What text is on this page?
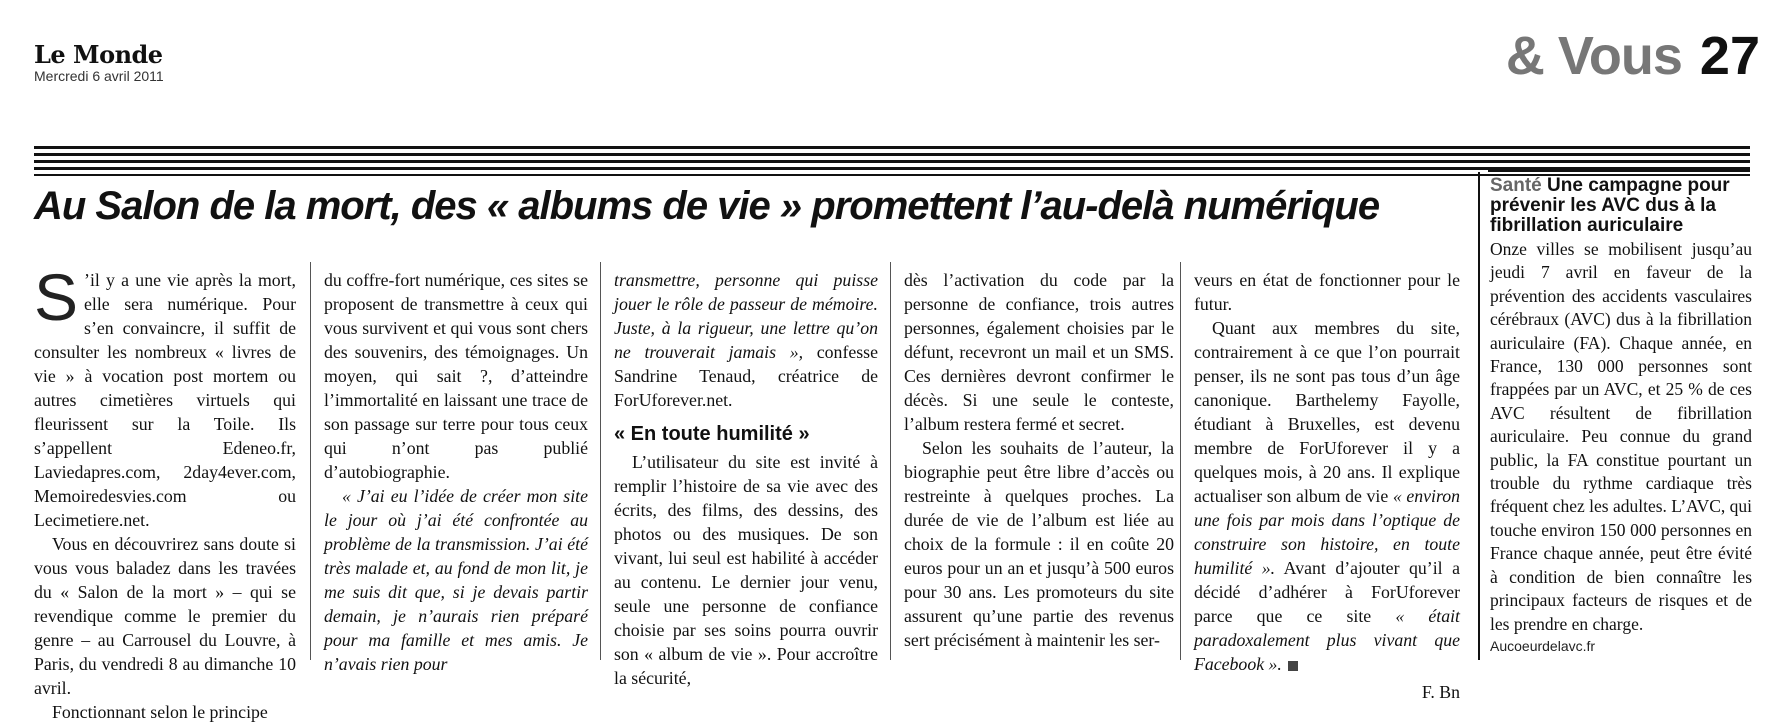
Le Monde
Mercredi 6 avril 2011	& Vous 27
Au Salon de la mort, des « albums de vie » promettent l’au-delà numérique
S ’il y a une vie après la mort, elle sera numérique. Pour s’en convaincre, il suffit de consulter les nombreux « livres de vie » à vocation post mortem ou autres cimetières virtuels qui fleurissent sur la Toile. Ils s’appellent Edeneo.fr, Laviedapres.com, 2day4ever.com, Memoiredesvies.com ou Lecimetiere.net.

Vous en découvrirez sans doute si vous vous baladez dans les travées du « Salon de la mort » – qui se revendique comme le premier du genre – au Carrousel du Louvre, à Paris, du vendredi 8 au dimanche 10 avril.

Fonctionnant selon le principe

du coffre-fort numérique, ces sites se proposent de transmettre à ceux qui vous survivent et qui vous sont chers des souvenirs, des témoignages. Un moyen, qui sait ?, d’atteindre l’immortalité en laissant une trace de son passage sur terre pour tous ceux qui n’ont pas publié d’autobiographie.

« J’ai eu l’idée de créer mon site le jour où j’ai été confrontée au problème de la transmission. J’ai été très malade et, au fond de mon lit, je me suis dit que, si je devais partir demain, je n’aurais rien préparé pour ma famille et mes amis. Je n’avais rien pour

transmettre, personne qui puisse jouer le rôle de passeur de mémoire. Juste, à la rigueur, une lettre qu’on ne trouverait jamais », confesse Sandrine Tenaud, créatrice de ForUforever.net.

« En toute humilité »

L’utilisateur du site est invité à remplir l’histoire de sa vie avec des écrits, des films, des dessins, des photos ou des musiques. De son vivant, lui seul est habilité à accéder au contenu. Le dernier jour venu, seule une personne de confiance choisie par ses soins pourra ouvrir son « album de vie ». Pour accroître la sécurité,

dès l’activation du code par la personne de confiance, trois autres personnes, également choisies par le défunt, recevront un mail et un SMS. Ces dernières devront confirmer le décès. Si une seule le conteste, l’album restera fermé et secret.

Selon les souhaits de l’auteur, la biographie peut être libre d’accès ou restreinte à quelques proches. La durée de vie de l’album est liée au choix de la formule : il en coûte 20 euros pour un an et jusqu’à 500 euros pour 30 ans. Les promoteurs du site assurent qu’une partie des revenus sert précisément à maintenir les ser-

veurs en état de fonctionner pour le futur.

Quant aux membres du site, contrairement à ce que l’on pourrait penser, ils ne sont pas tous d’un âge canonique. Barthelemy Fayolle, étudiant à Bruxelles, est devenu membre de ForUforever il y a quelques mois, à 20 ans. Il explique actualiser son album de vie « environ une fois par mois dans l’optique de construire son histoire, en toute humilité ». Avant d’ajouter qu’il a décidé d’adhérer à ForUforever parce que ce site « était paradoxalement plus vivant que Facebook ».

F. Bn
Santé Une campagne pour prévenir les AVC dus à la fibrillation auriculaire
Onze villes se mobilisent jusqu’au jeudi 7 avril en faveur de la prévention des accidents vasculaires cérébraux (AVC) dus à la fibrillation auriculaire (FA). Chaque année, en France, 130 000 personnes sont frappées par un AVC, et 25 % de ces AVC résultent de fibrillation auriculaire. Peu connue du grand public, la FA constitue pourtant un trouble du rythme cardiaque très fréquent chez les adultes. L’AVC, qui touche environ 150 000 personnes en France chaque année, peut être évité à condition de bien connaître les principaux facteurs de risques et de les prendre en charge.
Aucoeurdelavc.fr
